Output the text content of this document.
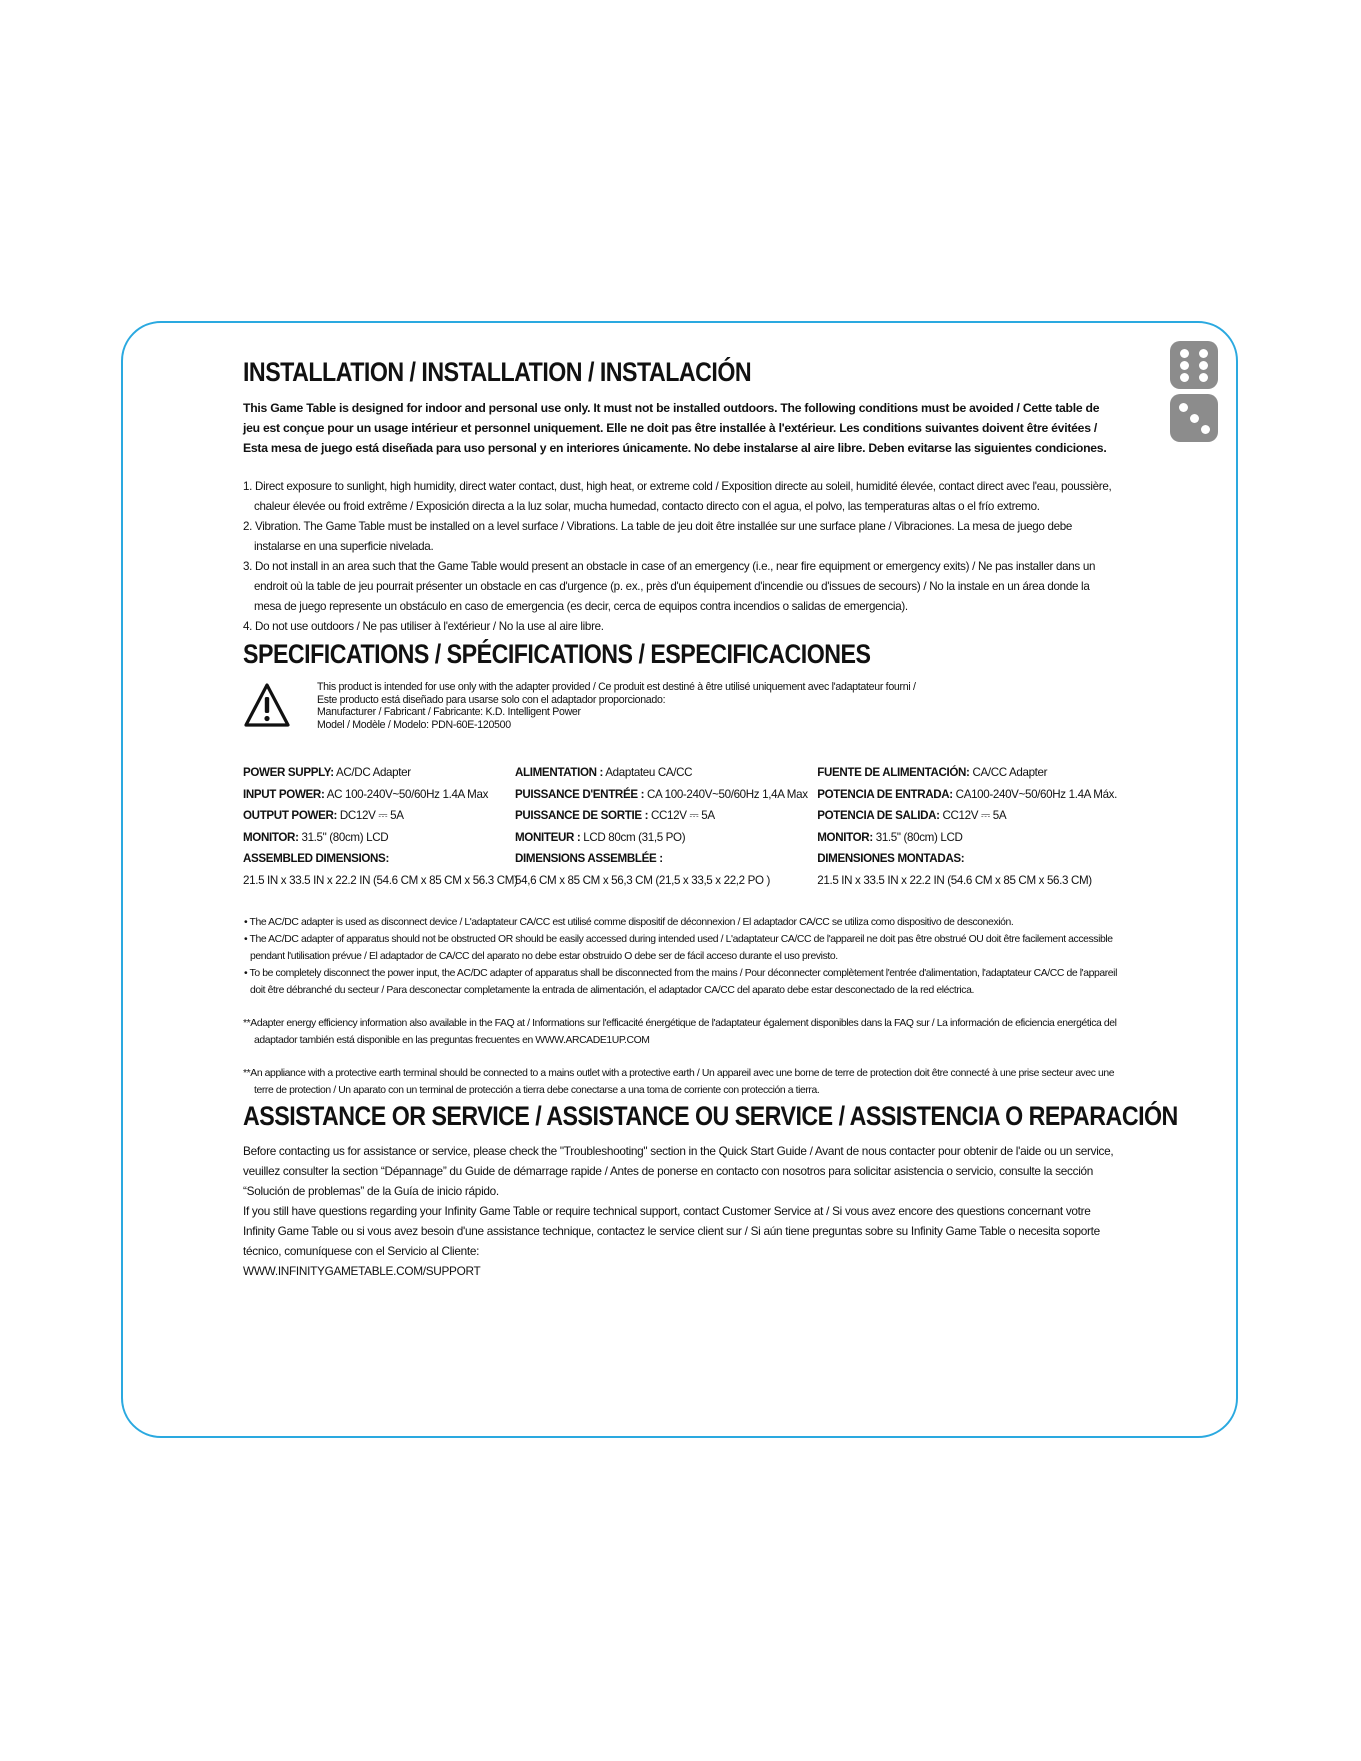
INSTALLATION / INSTALLATION / INSTALACIÓN
This Game Table is designed for indoor and personal use only. It must not be installed outdoors. The following conditions must be avoided / Cette table de jeu est conçue pour un usage intérieur et personnel uniquement. Elle ne doit pas être installée à l'extérieur. Les conditions suivantes doivent être évitées / Esta mesa de juego está diseñada para uso personal y en interiores únicamente. No debe instalarse al aire libre. Deben evitarse las siguientes condiciones.
1. Direct exposure to sunlight, high humidity, direct water contact, dust, high heat, or extreme cold / Exposition directe au soleil, humidité élevée, contact direct avec l'eau, poussière, chaleur élevée ou froid extrême / Exposición directa a la luz solar, mucha humedad, contacto directo con el agua, el polvo, las temperaturas altas o el frío extremo.
2. Vibration. The Game Table must be installed on a level surface / Vibrations. La table de jeu doit être installée sur une surface plane / Vibraciones. La mesa de juego debe instalarse en una superficie nivelada.
3. Do not install in an area such that the Game Table would present an obstacle in case of an emergency (i.e., near fire equipment or emergency exits) / Ne pas installer dans un endroit où la table de jeu pourrait présenter un obstacle en cas d'urgence (p. ex., près d'un équipement d'incendie ou d'issues de secours) / No la instale en un área donde la mesa de juego represente un obstáculo en caso de emergencia (es decir, cerca de equipos contra incendios o salidas de emergencia).
4. Do not use outdoors / Ne pas utiliser à l'extérieur / No la use al aire libre.
SPECIFICATIONS / SPÉCIFICATIONS / ESPECIFICACIONES
This product is intended for use only with the adapter provided / Ce produit est destiné à être utilisé uniquement avec l'adaptateur fourni /
Este producto está diseñado para usarse solo con el adaptador proporcionado:
Manufacturer / Fabricant / Fabricante: K.D. Intelligent Power
Model / Modèle / Modelo: PDN-60E-120500
POWER SUPPLY: AC/DC Adapter
INPUT POWER: AC 100-240V~50/60Hz 1.4A Max
OUTPUT POWER: DC12V ⎓ 5A
MONITOR: 31.5" (80cm) LCD
ASSEMBLED DIMENSIONS:
21.5 IN x 33.5 IN x 22.2 IN (54.6 CM x 85 CM x 56.3 CM)
ALIMENTATION : Adaptateu CA/CC
PUISSANCE D'ENTRÉE : CA 100-240V~50/60Hz 1,4A Max
PUISSANCE DE SORTIE : CC12V ⎓ 5A
MONITEUR : LCD 80cm (31,5 PO)
DIMENSIONS ASSEMBLÉE :
54,6 CM x 85 CM x 56,3 CM (21,5 x 33,5 x 22,2 PO )
FUENTE DE ALIMENTACIÓN: CA/CC Adapter
POTENCIA DE ENTRADA: CA100-240V~50/60Hz 1.4A Máx.
POTENCIA DE SALIDA: CC12V ⎓ 5A
MONITOR: 31.5" (80cm) LCD
DIMENSIONES MONTADAS:
21.5 IN x 33.5 IN x 22.2 IN (54.6 CM x 85 CM x 56.3 CM)
• The AC/DC adapter is used as disconnect device / L'adaptateur CA/CC est utilisé comme dispositif de déconnexion / El adaptador CA/CC se utiliza como dispositivo de desconexión.
• The AC/DC adapter of apparatus should not be obstructed OR should be easily accessed during intended used / L'adaptateur CA/CC de l'appareil ne doit pas être obstrué OU doit être facilement accessible pendant l'utilisation prévue / El adaptador de CA/CC del aparato no debe estar obstruido O debe ser de fácil acceso durante el uso previsto.
• To be completely disconnect the power input, the AC/DC adapter of apparatus shall be disconnected from the mains / Pour déconnecter complètement l'entrée d'alimentation, l'adaptateur CA/CC de l'appareil doit être débranché du secteur / Para desconectar completamente la entrada de alimentación, el adaptador CA/CC del aparato debe estar desconectado de la red eléctrica.
**Adapter energy efficiency information also available in the FAQ at / Informations sur l'efficacité énergétique de l'adaptateur également disponibles dans la FAQ sur / La información de eficiencia energética del adaptador también está disponible en las preguntas frecuentes en WWW.ARCADE1UP.COM
**An appliance with a protective earth terminal should be connected to a mains outlet with a protective earth / Un appareil avec une borne de terre de protection doit être connecté à une prise secteur avec une terre de protection / Un aparato con un terminal de protección a tierra debe conectarse a una toma de corriente con protección a tierra.
ASSISTANCE OR SERVICE / ASSISTANCE OU SERVICE / ASSISTENCIA O REPARACIÓN
Before contacting us for assistance or service, please check the "Troubleshooting" section in the Quick Start Guide / Avant de nous contacter pour obtenir de l'aide ou un service, veuillez consulter la section “Dépannage” du Guide de démarrage rapide / Antes de ponerse en contacto con nosotros para solicitar asistencia o servicio, consulte la sección “Solución de problemas” de la Guía de inicio rápido.
If you still have questions regarding your Infinity Game Table or require technical support, contact Customer Service at / Si vous avez encore des questions concernant votre Infinity Game Table ou si vous avez besoin d'une assistance technique, contactez le service client sur / Si aún tiene preguntas sobre su Infinity Game Table o necesita soporte técnico, comuníquese con el Servicio al Cliente:
WWW.INFINITYGAMETABLE.COM/SUPPORT
